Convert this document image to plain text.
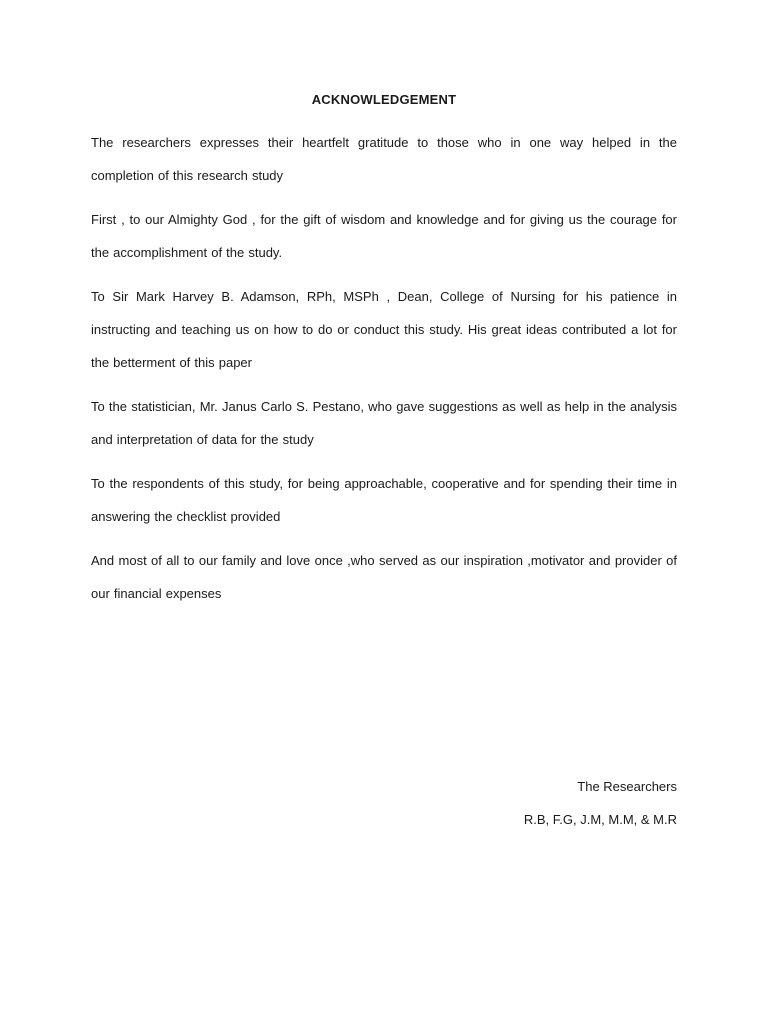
ACKNOWLEDGEMENT

The researchers expresses their heartfelt gratitude to those who in one way helped in the completion of this research study

First , to our Almighty God , for the gift of wisdom and knowledge and for giving us the courage for the accomplishment of the study.

To Sir Mark Harvey B. Adamson, RPh, MSPh , Dean, College of Nursing for his patience in instructing and teaching us on how to do or conduct this study. His great ideas contributed a lot for the betterment of this paper

To the statistician, Mr. Janus Carlo S. Pestano, who gave suggestions as well as help in the analysis and interpretation of data for the study

To the respondents of this study, for being approachable, cooperative and for spending their time in answering the checklist provided

And most of all to our family and love once ,who served as our inspiration ,motivator and provider of our financial expenses

The Researchers
R.B, F.G, J.M, M.M, & M.R
